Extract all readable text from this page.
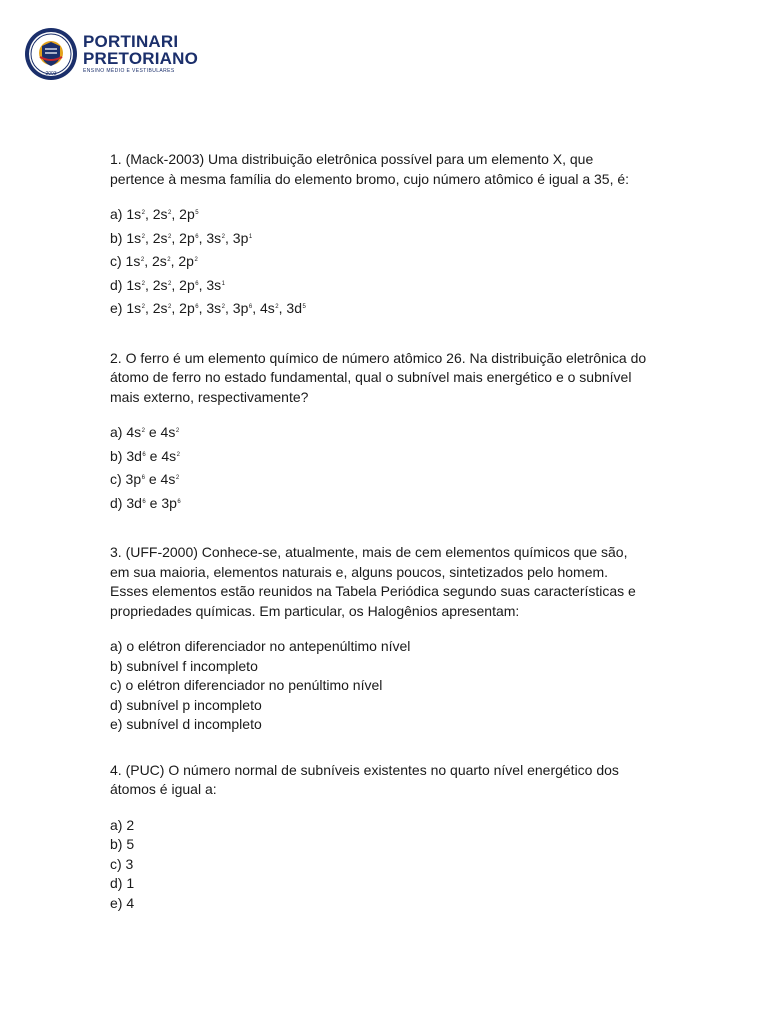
2003
PORTINARI
PRETORIANO
ENSINO MÉDIO E VESTIBULARES

1. (Mack-2003) Uma distribuição eletrônica possível para um elemento X, que pertence à mesma família do elemento bromo, cujo número atômico é igual a 35, é:

a) $1s^2$, $2s^2$, $2p^5$
b) $1s^2$, $2s^2$, $2p^6$, $3s^2$, $3p^1$
c) $1s^2$, $2s^2$, $2p^2$
d) $1s^2$, $2s^2$, $2p^6$, $3s^1$
e) $1s^2$, $2s^2$, $2p^6$, $3s^2$, $3p^6$, $4s^2$, $3d^5$

2. O ferro é um elemento químico de número atômico 26. Na distribuição eletrônica do átomo de ferro no estado fundamental, qual o subnível mais energético e o subnível mais externo, respectivamente?

a) $4s^2$ e $4s^2$
b) $3d^6$ e $4s^2$
c) $3p^6$ e $4s^2$
d) $3d^6$ e $3p^6$

3. (UFF-2000) Conhece-se, atualmente, mais de cem elementos químicos que são, em sua maioria, elementos naturais e, alguns poucos, sintetizados pelo homem. Esses elementos estão reunidos na Tabela Periódica segundo suas características e propriedades químicas. Em particular, os Halogênios apresentam:

a) o elétron diferenciador no antepenúltimo nível
b) subnível f incompleto
c) o elétron diferenciador no penúltimo nível
d) subnível p incompleto
e) subnível d incompleto

4. (PUC) O número normal de subníveis existentes no quarto nível energético dos átomos é igual a:

a) 2
b) 5
c) 3
d) 1
e) 4
